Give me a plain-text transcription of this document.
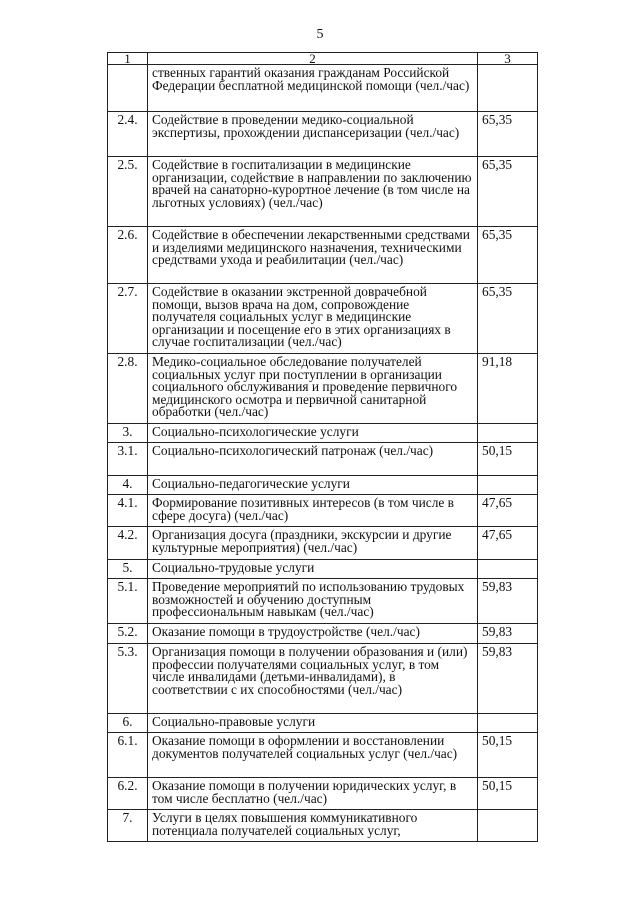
5
1	2	3
	ственных гарантий оказания гражданам Российской Федерации бесплатной медицинской помощи (чел./час)	
2.4.	Содействие в проведении медико-социальной экспертизы, прохождении диспансеризации (чел./час)	65,35
2.5.	Содействие в госпитализации в медицинские организации, содействие в направлении по заключению врачей на санаторно-курортное лечение (в том числе на льготных условиях) (чел./час)	65,35
2.6.	Содействие в обеспечении лекарственными средствами и изделиями медицинского назначения, техническими средствами ухода и реабилитации (чел./час)	65,35
2.7.	Содействие в оказании экстренной доврачебной помощи, вызов врача на дом, сопровождение получателя социальных услуг в медицинские организации и посещение его в этих организациях в случае госпитализации (чел./час)	65,35
2.8.	Медико-социальное обследование получателей социальных услуг при поступлении в организации социального обслуживания и проведение первичного медицинского осмотра и первичной санитарной обработки (чел./час)	91,18
3.	Социально-психологические услуги	
3.1.	Социально-психологический патронаж (чел./час)	50,15
4.	Социально-педагогические услуги	
4.1.	Формирование позитивных интересов (в том числе в сфере досуга) (чел./час)	47,65
4.2.	Организация досуга (праздники, экскурсии и другие культурные мероприятия) (чел./час)	47,65
5.	Социально-трудовые услуги	
5.1.	Проведение мероприятий по использованию трудовых возможностей и обучению доступным профессиональным навыкам (чел./час)	59,83
5.2.	Оказание помощи в трудоустройстве (чел./час)	59,83
5.3.	Организация помощи в получении образования и (или) профессии получателями социальных услуг, в том числе инвалидами (детьми-инвалидами), в соответствии с их способностями (чел./час)	59,83
6.	Социально-правовые услуги	
6.1.	Оказание помощи в оформлении и восстановлении документов получателей социальных услуг (чел./час)	50,15
6.2.	Оказание помощи в получении юридических услуг, в том числе бесплатно (чел./час)	50,15
7.	Услуги в целях повышения коммуникативного потенциала получателей социальных услуг,	
